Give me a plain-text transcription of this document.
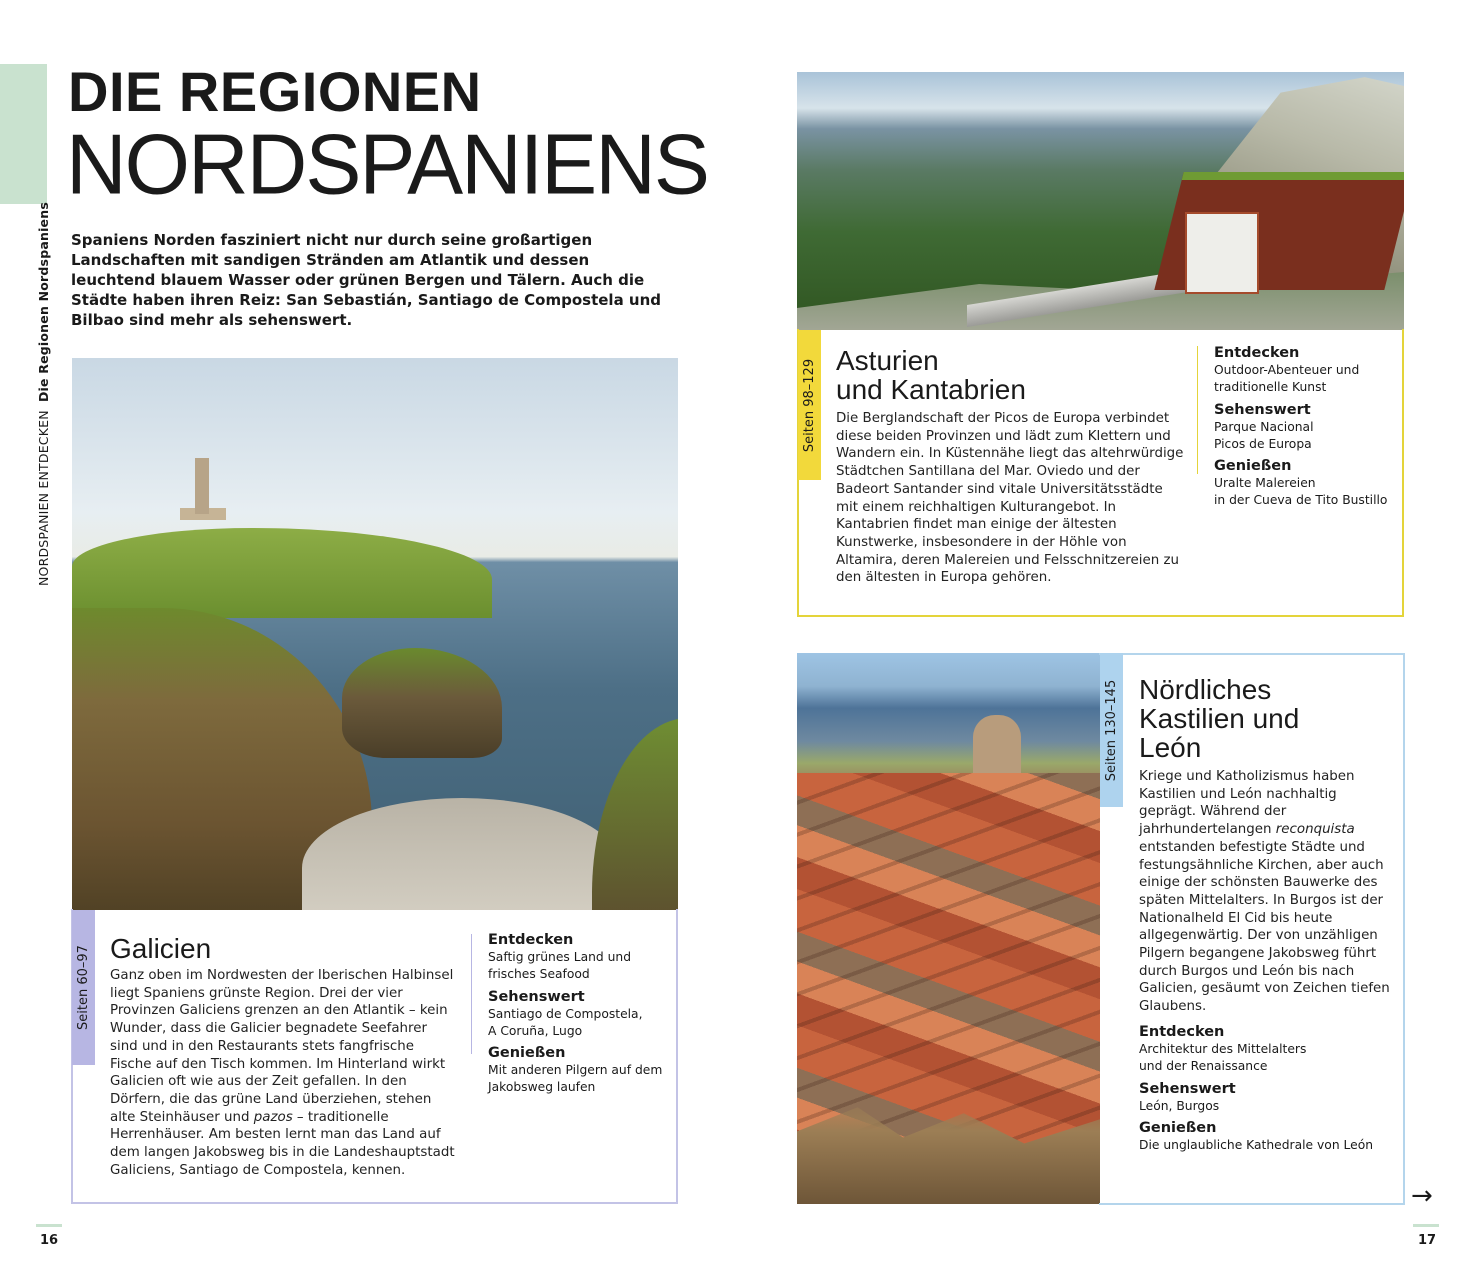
NORDSPANIEN ENTDECKEN Die Regionen Nordspaniens
DIE REGIONEN
NORDSPANIENS
Spaniens Norden fasziniert nicht nur durch seine großartigen Landschaften mit sandigen Stränden am Atlantik und dessen leuchtend blauem Wasser oder grünen Bergen und Tälern. Auch die Städte haben ihren Reiz: San Sebastián, Santiago de Compostela und Bilbao sind mehr als sehenswert.
Seiten 60–97 Galicien
Ganz oben im Nordwesten der Iberischen Halbinsel liegt Spaniens grünste Region. Drei der vier Provinzen Galiciens grenzen an den Atlantik – kein Wunder, dass die Galicier begnadete Seefahrer sind und in den Restaurants stets fangfrische Fische auf den Tisch kommen. Im Hinterland wirkt Galicien oft wie aus der Zeit gefallen. In den Dörfern, die das grüne Land überziehen, stehen alte Steinhäuser und pazos – traditionelle Herrenhäuser. Am besten lernt man das Land auf dem langen Jakobsweg bis in die Landeshauptstadt Galiciens, Santiago de Compostela, kennen.
Entdecken
Saftig grünes Land und
frisches Seafood
Sehenswert
Santiago de Compostela,
A Coruña, Lugo
Genießen
Mit anderen Pilgern auf dem
Jakobsweg laufen
Seiten 98–129 Asturien
und Kantabrien
Die Berglandschaft der Picos de Europa verbindet diese beiden Provinzen und lädt zum Klettern und Wandern ein. In Küstennähe liegt das altehrwürdige Städtchen Santillana del Mar. Oviedo und der Badeort Santander sind vitale Universitätsstädte mit einem reichhaltigen Kulturangebot. In Kantabrien findet man einige der ältesten Kunstwerke, insbesondere in der Höhle von Altamira, deren Malereien und Felsschnitzereien zu den ältesten in Europa gehören.
Entdecken
Outdoor-Abenteuer und
traditionelle Kunst
Sehenswert
Parque Nacional
Picos de Europa
Genießen
Uralte Malereien
in der Cueva de Tito Bustillo
Seiten 130–145 Nördliches
Kastilien und
León
Kriege und Katholizismus haben Kastilien und León nachhaltig geprägt. Während der jahrhundertelangen reconquista entstanden befestigte Städte und festungsähnliche Kirchen, aber auch einige der schönsten Bauwerke des späten Mittelalters. In Burgos ist der Nationalheld El Cid bis heute allgegenwärtig. Der von unzähligen Pilgern begangene Jakobsweg führt durch Burgos und León bis nach Galicien, gesäumt von Zeichen tiefen Glaubens.
Entdecken
Architektur des Mittelalters
und der Renaissance
Sehenswert
León, Burgos
Genießen
Die unglaubliche Kathedrale von León
→
16	17
